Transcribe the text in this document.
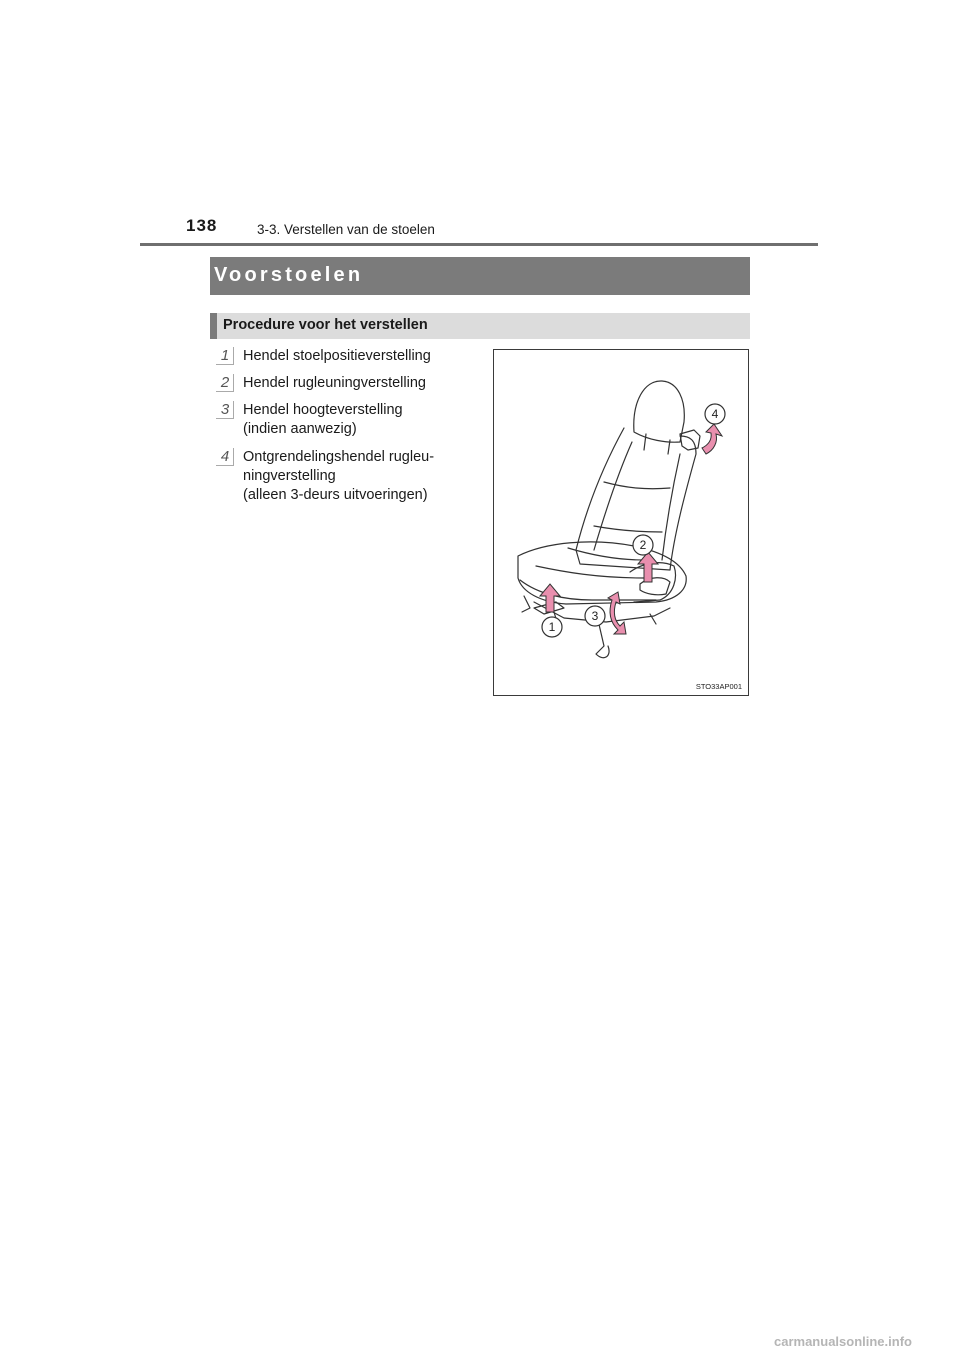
138	3-3. Verstellen van de stoelen
Voorstoelen
Procedure voor het verstellen
1 Hendel stoelpositieverstelling
2 Hendel rugleuningverstelling
3 Hendel hoogteverstelling
(indien aanwezig)
4 Ontgrendelingshendel rugleu-
ningverstelling
(alleen 3-deurs uitvoeringen)
4
2
3
1
STO33AP001
carmanualsonline.info
